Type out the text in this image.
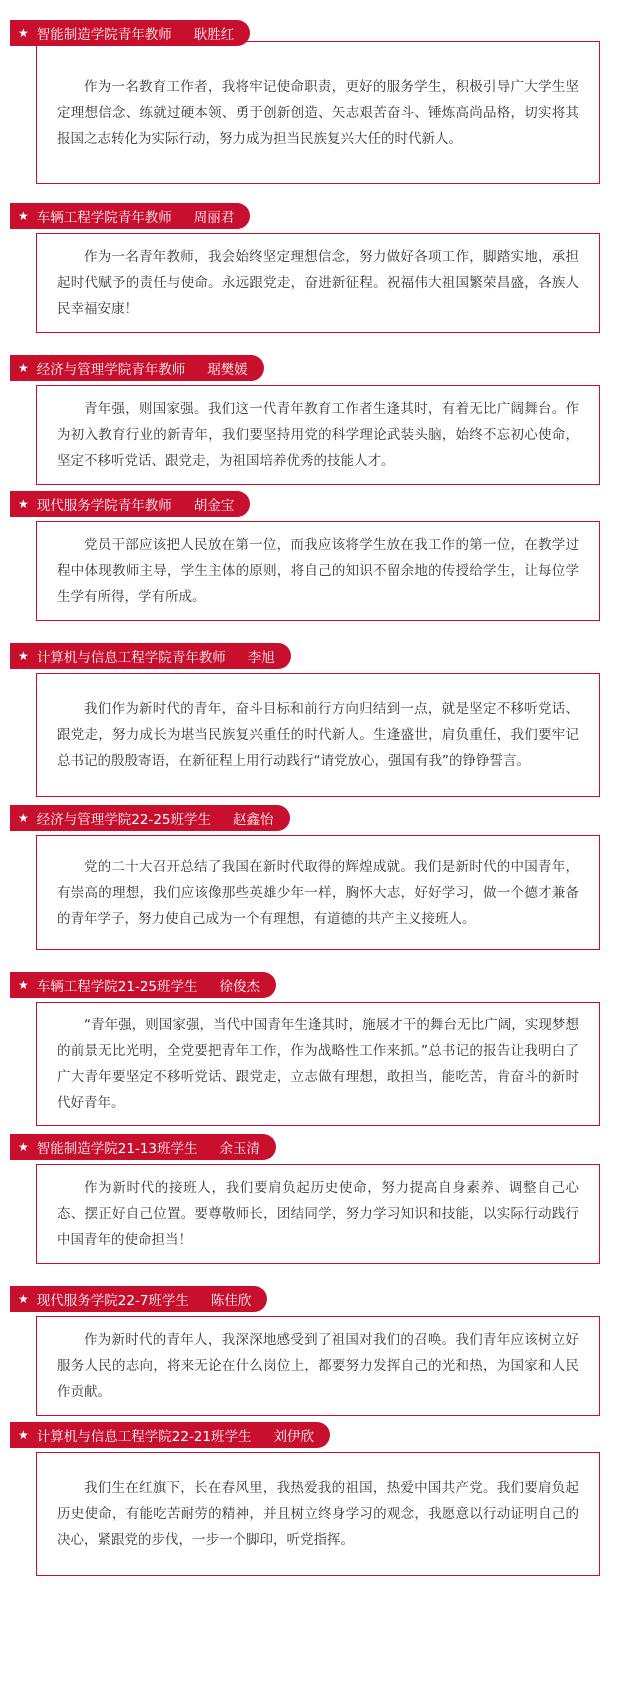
★ 智能制造学院青年教师 耿胜红

作为一名教育工作者，我将牢记使命职责，更好的服务学生，积极引导广大学生坚定理想信念、练就过硬本领、勇于创新创造、矢志艰苦奋斗、锤炼高尚品格，切实将其报国之志转化为实际行动，努力成为担当民族复兴大任的时代新人。

★ 车辆工程学院青年教师 周丽君

作为一名青年教师，我会始终坚定理想信念，努力做好各项工作，脚踏实地，承担起时代赋予的责任与使命。永远跟党走，奋进新征程。祝福伟大祖国繁荣昌盛，各族人民幸福安康！

★ 经济与管理学院青年教师 琚樊媛

青年强，则国家强。我们这一代青年教育工作者生逢其时，有着无比广阔舞台。作为初入教育行业的新青年，我们要坚持用党的科学理论武装头脑，始终不忘初心使命，坚定不移听党话、跟党走，为祖国培养优秀的技能人才。

★ 现代服务学院青年教师 胡金宝

党员干部应该把人民放在第一位，而我应该将学生放在我工作的第一位，在教学过程中体现教师主导，学生主体的原则，将自己的知识不留余地的传授给学生，让每位学生学有所得，学有所成。

★ 计算机与信息工程学院青年教师 李旭

我们作为新时代的青年，奋斗目标和前行方向归结到一点，就是坚定不移听党话、跟党走，努力成长为堪当民族复兴重任的时代新人。生逢盛世，肩负重任，我们要牢记总书记的殷殷寄语，在新征程上用行动践行“请党放心，强国有我”的铮铮誓言。

★ 经济与管理学院22-25班学生 赵鑫怡

党的二十大召开总结了我国在新时代取得的辉煌成就。我们是新时代的中国青年，有崇高的理想，我们应该像那些英雄少年一样，胸怀大志，好好学习，做一个德才兼备的青年学子，努力使自己成为一个有理想，有道德的共产主义接班人。

★ 车辆工程学院21-25班学生 徐俊杰

“青年强，则国家强，当代中国青年生逢其时，施展才干的舞台无比广阔，实现梦想的前景无比光明，全党要把青年工作，作为战略性工作来抓。”总书记的报告让我明白了广大青年要坚定不移听党话、跟党走，立志做有理想，敢担当，能吃苦，肯奋斗的新时代好青年。

★ 智能制造学院21-13班学生 余玉清

作为新时代的接班人，我们要肩负起历史使命，努力提高自身素养、调整自己心态、摆正好自己位置。要尊敬师长，团结同学，努力学习知识和技能，以实际行动践行中国青年的使命担当！

★ 现代服务学院22-7班学生 陈佳欣

作为新时代的青年人，我深深地感受到了祖国对我们的召唤。我们青年应该树立好服务人民的志向，将来无论在什么岗位上，都要努力发挥自己的光和热，为国家和人民作贡献。

★ 计算机与信息工程学院22-21班学生 刘伊欣

我们生在红旗下，长在春风里，我热爱我的祖国，热爱中国共产党。我们要肩负起历史使命，有能吃苦耐劳的精神，并且树立终身学习的观念，我愿意以行动证明自己的决心，紧跟党的步伐，一步一个脚印，听党指挥。
